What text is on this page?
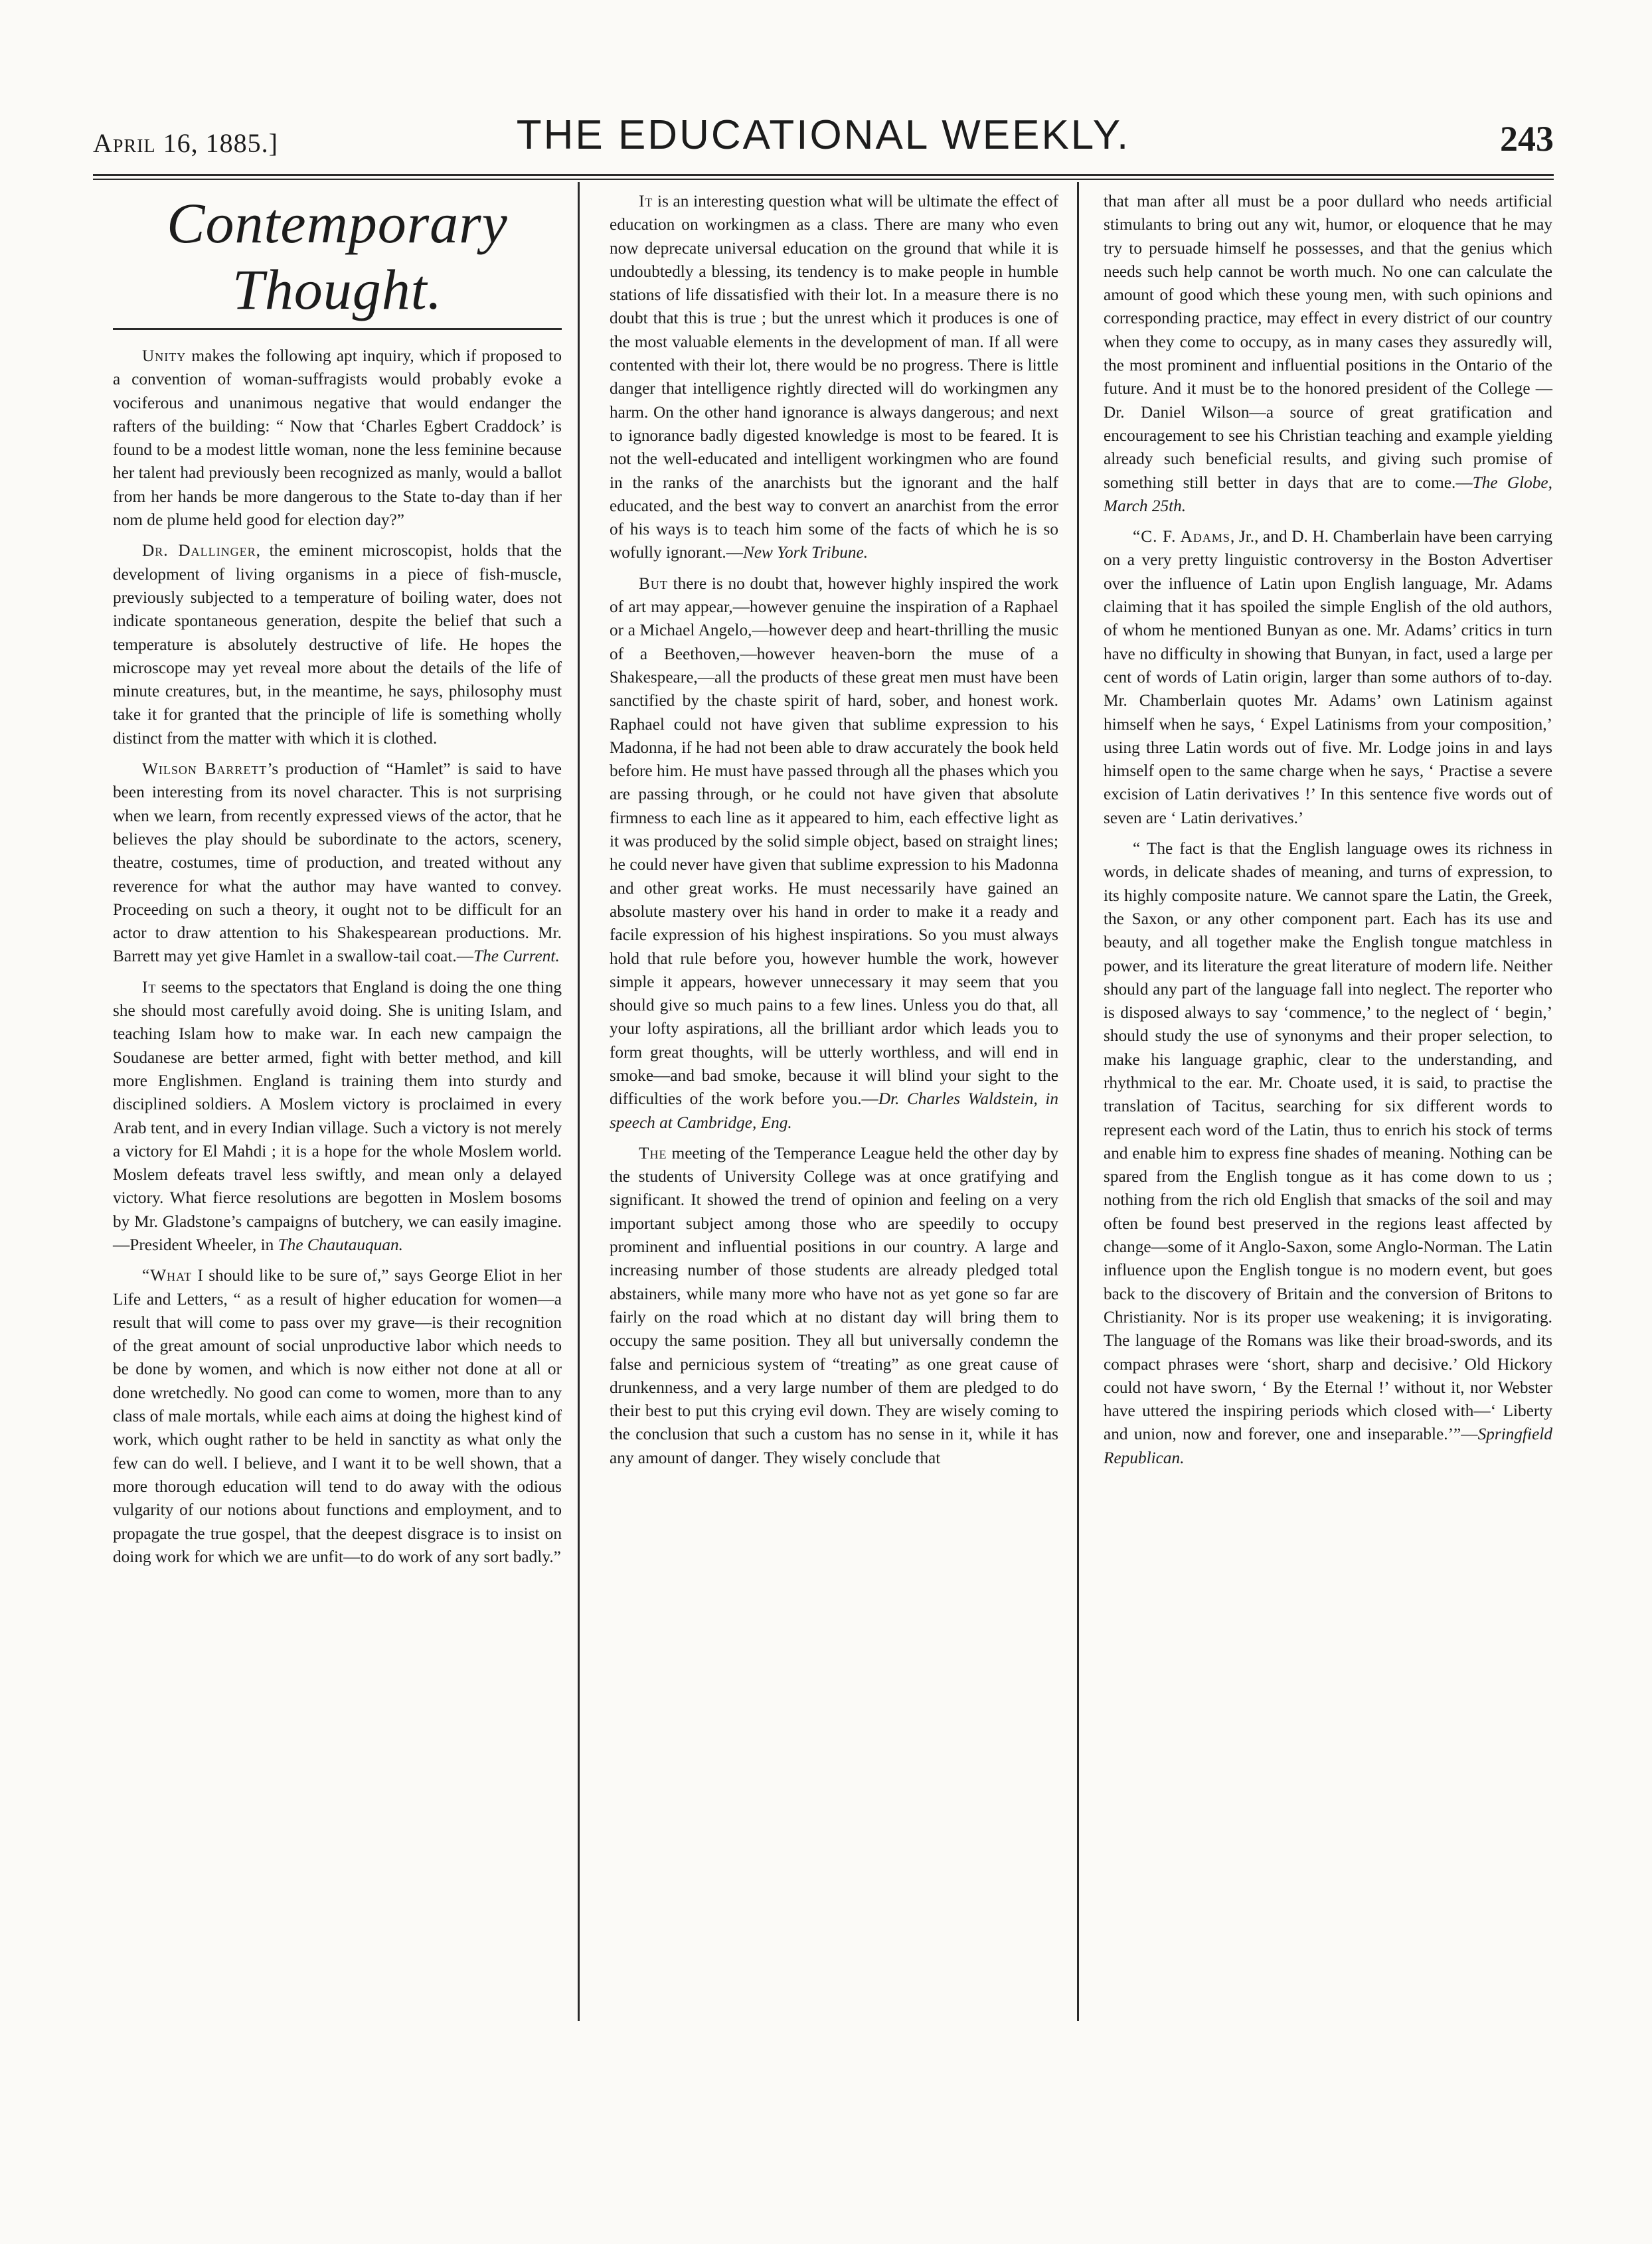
April 16, 1885.]	THE EDUCATIONAL WEEKLY.	243
Contemporary Thought.

Unity makes the following apt inquiry, which if proposed to a convention of woman-suffragists would probably evoke a vociferous and unanimous negative that would endanger the rafters of the building: “ Now that ‘Charles Egbert Craddock’ is found to be a modest little woman, none the less feminine because her talent had previously been recognized as manly, would a ballot from her hands be more dangerous to the State to-day than if her nom de plume held good for election day?”

Dr. Dallinger, the eminent microscopist, holds that the development of living organisms in a piece of fish-muscle, previously subjected to a temperature of boiling water, does not indicate spontaneous generation, despite the belief that such a temperature is absolutely destructive of life. He hopes the microscope may yet reveal more about the details of the life of minute creatures, but, in the meantime, he says, philosophy must take it for granted that the principle of life is something wholly distinct from the matter with which it is clothed.

Wilson Barrett’s production of “Hamlet” is said to have been interesting from its novel character. This is not surprising when we learn, from recently expressed views of the actor, that he believes the play should be subordinate to the actors, scenery, theatre, costumes, time of production, and treated without any reverence for what the author may have wanted to convey. Proceeding on such a theory, it ought not to be difficult for an actor to draw attention to his Shakespearean productions. Mr. Barrett may yet give Hamlet in a swallow-tail coat.—The Current.

It seems to the spectators that England is doing the one thing she should most carefully avoid doing. She is uniting Islam, and teaching Islam how to make war. In each new campaign the Soudanese are better armed, fight with better method, and kill more Englishmen. England is training them into sturdy and disciplined soldiers. A Moslem victory is proclaimed in every Arab tent, and in every Indian village. Such a victory is not merely a victory for El Mahdi ; it is a hope for the whole Moslem world. Moslem defeats travel less swiftly, and mean only a delayed victory. What fierce resolutions are begotten in Moslem bosoms by Mr. Gladstone’s campaigns of butchery, we can easily imagine.—President Wheeler, in The Chautauquan.

“What I should like to be sure of,” says George Eliot in her Life and Letters, “ as a result of higher education for women—a result that will come to pass over my grave—is their recognition of the great amount of social unproductive labor which needs to be done by women, and which is now either not done at all or done wretchedly. No good can come to women, more than to any class of male mortals, while each aims at doing the highest kind of work, which ought rather to be held in sanctity as what only the few can do well. I believe, and I want it to be well shown, that a more thorough education will tend to do away with the odious vulgarity of our notions about functions and employment, and to propagate the true gospel, that the deepest disgrace is to insist on doing work for which we are unfit—to do work of any sort badly.”

It is an interesting question what will be ultimate the effect of education on workingmen as a class. There are many who even now deprecate universal education on the ground that while it is undoubtedly a blessing, its tendency is to make people in humble stations of life dissatisfied with their lot. In a measure there is no doubt that this is true ; but the unrest which it produces is one of the most valuable elements in the development of man. If all were contented with their lot, there would be no progress. There is little danger that intelligence rightly directed will do workingmen any harm. On the other hand ignorance is always dangerous; and next to ignorance badly digested knowledge is most to be feared. It is not the well-educated and intelligent workingmen who are found in the ranks of the anarchists but the ignorant and the half educated, and the best way to convert an anarchist from the error of his ways is to teach him some of the facts of which he is so wofully ignorant.—New York Tribune.

But there is no doubt that, however highly inspired the work of art may appear,—however genuine the inspiration of a Raphael or a Michael Angelo,—however deep and heart-thrilling the music of a Beethoven,—however heaven-born the muse of a Shakespeare,—all the products of these great men must have been sanctified by the chaste spirit of hard, sober, and honest work. Raphael could not have given that sublime expression to his Madonna, if he had not been able to draw accurately the book held before him. He must have passed through all the phases which you are passing through, or he could not have given that absolute firmness to each line as it appeared to him, each effective light as it was produced by the solid simple object, based on straight lines; he could never have given that sublime expression to his Madonna and other great works. He must necessarily have gained an absolute mastery over his hand in order to make it a ready and facile expression of his highest inspirations. So you must always hold that rule before you, however humble the work, however simple it appears, however unnecessary it may seem that you should give so much pains to a few lines. Unless you do that, all your lofty aspirations, all the brilliant ardor which leads you to form great thoughts, will be utterly worthless, and will end in smoke—and bad smoke, because it will blind your sight to the difficulties of the work before you.—Dr. Charles Waldstein, in speech at Cambridge, Eng.

The meeting of the Temperance League held the other day by the students of University College was at once gratifying and significant. It showed the trend of opinion and feeling on a very important subject among those who are speedily to occupy prominent and influential positions in our country. A large and increasing number of those students are already pledged total abstainers, while many more who have not as yet gone so far are fairly on the road which at no distant day will bring them to occupy the same position. They all but universally condemn the false and pernicious system of “treating” as one great cause of drunkenness, and a very large number of them are pledged to do their best to put this crying evil down. They are wisely coming to the conclusion that such a custom has no sense in it, while it has any amount of danger. They wisely conclude that

that man after all must be a poor dullard who needs artificial stimulants to bring out any wit, humor, or eloquence that he may try to persuade himself he possesses, and that the genius which needs such help cannot be worth much. No one can calculate the amount of good which these young men, with such opinions and corresponding practice, may effect in every district of our country when they come to occupy, as in many cases they assuredly will, the most prominent and influential positions in the Ontario of the future. And it must be to the honored president of the College —Dr. Daniel Wilson—a source of great gratification and encouragement to see his Christian teaching and example yielding already such beneficial results, and giving such promise of something still better in days that are to come.—The Globe, March 25th.

“C. F. Adams, Jr., and D. H. Chamberlain have been carrying on a very pretty linguistic controversy in the Boston Advertiser over the influence of Latin upon English language, Mr. Adams claiming that it has spoiled the simple English of the old authors, of whom he mentioned Bunyan as one. Mr. Adams’ critics in turn have no difficulty in showing that Bunyan, in fact, used a large per cent of words of Latin origin, larger than some authors of to-day. Mr. Chamberlain quotes Mr. Adams’ own Latinism against himself when he says, ‘ Expel Latinisms from your composition,’ using three Latin words out of five. Mr. Lodge joins in and lays himself open to the same charge when he says, ‘ Practise a severe excision of Latin derivatives !’ In this sentence five words out of seven are ‘ Latin derivatives.’

“ The fact is that the English language owes its richness in words, in delicate shades of meaning, and turns of expression, to its highly composite nature. We cannot spare the Latin, the Greek, the Saxon, or any other component part. Each has its use and beauty, and all together make the English tongue matchless in power, and its literature the great literature of modern life. Neither should any part of the language fall into neglect. The reporter who is disposed always to say ‘commence,’ to the neglect of ‘ begin,’ should study the use of synonyms and their proper selection, to make his language graphic, clear to the understanding, and rhythmical to the ear. Mr. Choate used, it is said, to practise the translation of Tacitus, searching for six different words to represent each word of the Latin, thus to enrich his stock of terms and enable him to express fine shades of meaning. Nothing can be spared from the English tongue as it has come down to us ; nothing from the rich old English that smacks of the soil and may often be found best preserved in the regions least affected by change—some of it Anglo-Saxon, some Anglo-Norman. The Latin influence upon the English tongue is no modern event, but goes back to the discovery of Britain and the conversion of Britons to Christianity. Nor is its proper use weakening; it is invigorating. The language of the Romans was like their broad-swords, and its compact phrases were ‘short, sharp and decisive.’ Old Hickory could not have sworn, ‘ By the Eternal !’ without it, nor Webster have uttered the inspiring periods which closed with—‘ Liberty and union, now and forever, one and inseparable.’”—Springfield Republican.
